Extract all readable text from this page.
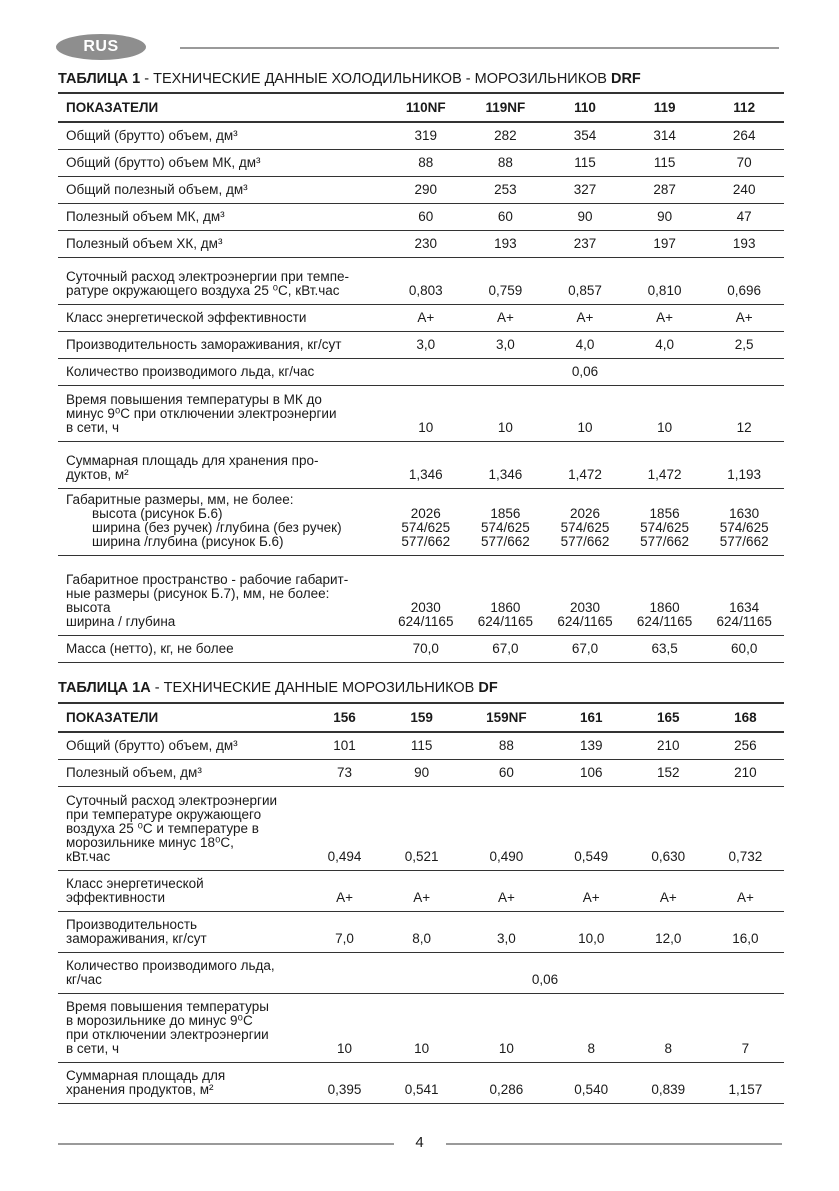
RUS
ТАБЛИЦА 1 - ТЕХНИЧЕСКИЕ ДАННЫЕ ХОЛОДИЛЬНИКОВ - МОРОЗИЛЬНИКОВ DRF
ПОКАЗАТЕЛИ	110NF	119NF	110	119	112

Общий (брутто) объем, дм³	319	282	354	314	264

Общий (брутто) объем МК, дм³	88	88	115	115	70

Общий полезный объем, дм³	290	253	327	287	240

Полезный объем МК, дм³	60	60	90	90	47

Полезный объем ХК, дм³	230	193	237	197	193

Суточный расход электроэнергии при темпе-
ратуре окружающего воздуха 25 ⁰С, кВт.час	0,803	0,759	0,857	0,810	0,696

Класс энергетической эффективности	А+	А+	А+	А+	А+

Производительность замораживания, кг/сут	3,0	3,0	4,0	4,0	2,5

Количество производимого льда, кг/час	0,06				

Время повышения температуры в МК до
минус 9⁰С при отключении электроэнергии
в сети, ч	10	10	10	10	12

Суммарная площадь для хранения про-
дуктов, м²	1,346	1,346	1,472	1,472	1,193

Габаритные размеры, мм, не более:
высота (рисунок Б.6)
ширина (без ручек) /глубина (без ручек)
ширина /глубина (рисунок Б.6)	2026
574/625
577/662	1856
574/625
577/662	2026
574/625
577/662	1856
574/625
577/662	1630
574/625
577/662

Габаритное пространство - рабочие габарит-
ные размеры (рисунок Б.7), мм, не более:
высота
ширина / глубина	2030
624/1165	1860
624/1165	2030
624/1165	1860
624/1165	1634
624/1165

Масса (нетто), кг, не более	70,0	67,0	67,0	63,5	60,0
ТАБЛИЦА 1А - ТЕХНИЧЕСКИЕ ДАННЫЕ МОРОЗИЛЬНИКОВ DF
ПОКАЗАТЕЛИ	156	159	159NF	161	165	168

Общий (брутто) объем, дм³	101	115	88	139	210	256

Полезный объем, дм³	73	90	60	106	152	210

Суточный расход электроэнергии
при температуре окружающего
воздуха 25 ⁰С и температуре в
морозильнике минус 18⁰С,
кВт.час	0,494	0,521	0,490	0,549	0,630	0,732

Класс энергетической
эффективности	А+	А+	А+	А+	А+	А+

Производительность
замораживания, кг/сут	7,0	8,0	3,0	10,0	12,0	16,0

Количество производимого льда,
кг/час	0,06					

Время повышения температуры
в морозильнике до минус 9⁰С
при отключении электроэнергии
в сети, ч	10	10	10	8	8	7

Суммарная площадь для
хранения продуктов, м²	0,395	0,541	0,286	0,540	0,839	1,157
4
